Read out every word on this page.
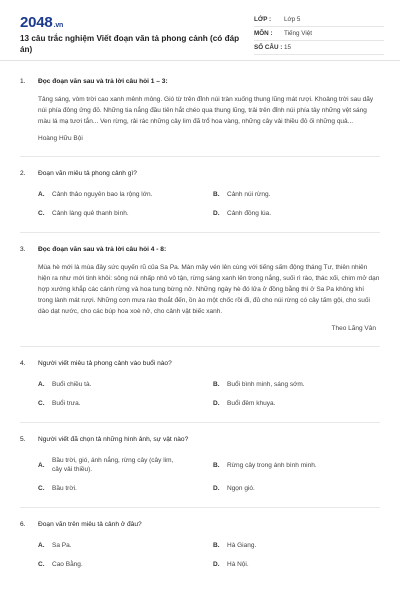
2048.vn
13 câu trắc nghiệm Viết đoạn văn tả phong cảnh (có đáp án)
LỚP :	Lớp 5
MÔN :	Tiếng Việt
SỐ CÂU : 15
1.	Đọc đoạn văn sau và trả lời câu hỏi 1 – 3:

Tảng sáng, vòm trời cao xanh mênh mông. Gió từ trên đỉnh núi tràn xuống thung lũng mát rượi. Khoảng trời sau dãy núi phía đông ửng đỏ. Những tia nắng đầu tiên hắt chéo qua thung lũng, trải trên đỉnh núi phía tây những vệt sáng màu lá mạ tươi tắn... Ven rừng, rải rác những cây lim đã trổ hoa vàng, những cây vải thiều đỏ ối những quả...

Hoàng Hữu Bội
2.	Đoạn văn miêu tả phong cảnh gì?
A.	Cảnh thảo nguyên bao la rộng lớn.	B.	Cảnh núi rừng.
C.	Cảnh làng quê thanh bình.	D.	Cảnh đồng lúa.
3.	Đọc đoạn văn sau và trả lời câu hỏi 4 - 8:

Mùa hè mới là mùa đây sức quyến rũ của Sa Pa. Màn mây vén lên cùng với tiếng sấm động tháng Tư, thiên nhiên hiện ra như mới tinh khôi: sông núi nhấp nhô vô tận, rừng sáng xanh lên trong nắng, suối rì rào, thác xối, chim mở dạn hợp xướng khắp các cánh rừng và hoa tung bừng nở. Những ngày hè đó lửa ở đồng bằng thì ở Sa Pa không khí trong lành mát rượi. Những cơn mưa rào thoắt đến, ồn ào một chốc rồi đi, đủ cho núi rừng có cây tấm gội, cho suối dào dạt nước, cho các búp hoa xoè nở, cho cảnh vật biếc xanh.

Theo Lãng Vân
4.	Người viết miêu tả phong cảnh vào buổi nào?
A.	Buổi chiều tà.	B.	Buổi bình minh, sáng sớm.
C.	Buổi trưa.	D.	Buổi đêm khuya.
5.	Người viết đã chọn tả những hình ảnh, sự vật nào?
A.
Bầu trời, gió, ánh nắng, rừng cây (cây lim, cây vải thiều).
B.	Rừng cây trong ánh bình minh.
C.	Bầu trời.	D.	Ngọn gió.
6.	Đoạn văn trên miêu tả cảnh ở đâu?
A.	Sa Pa.	B.	Hà Giang.
C.	Cao Bằng.	D.	Hà Nội.
